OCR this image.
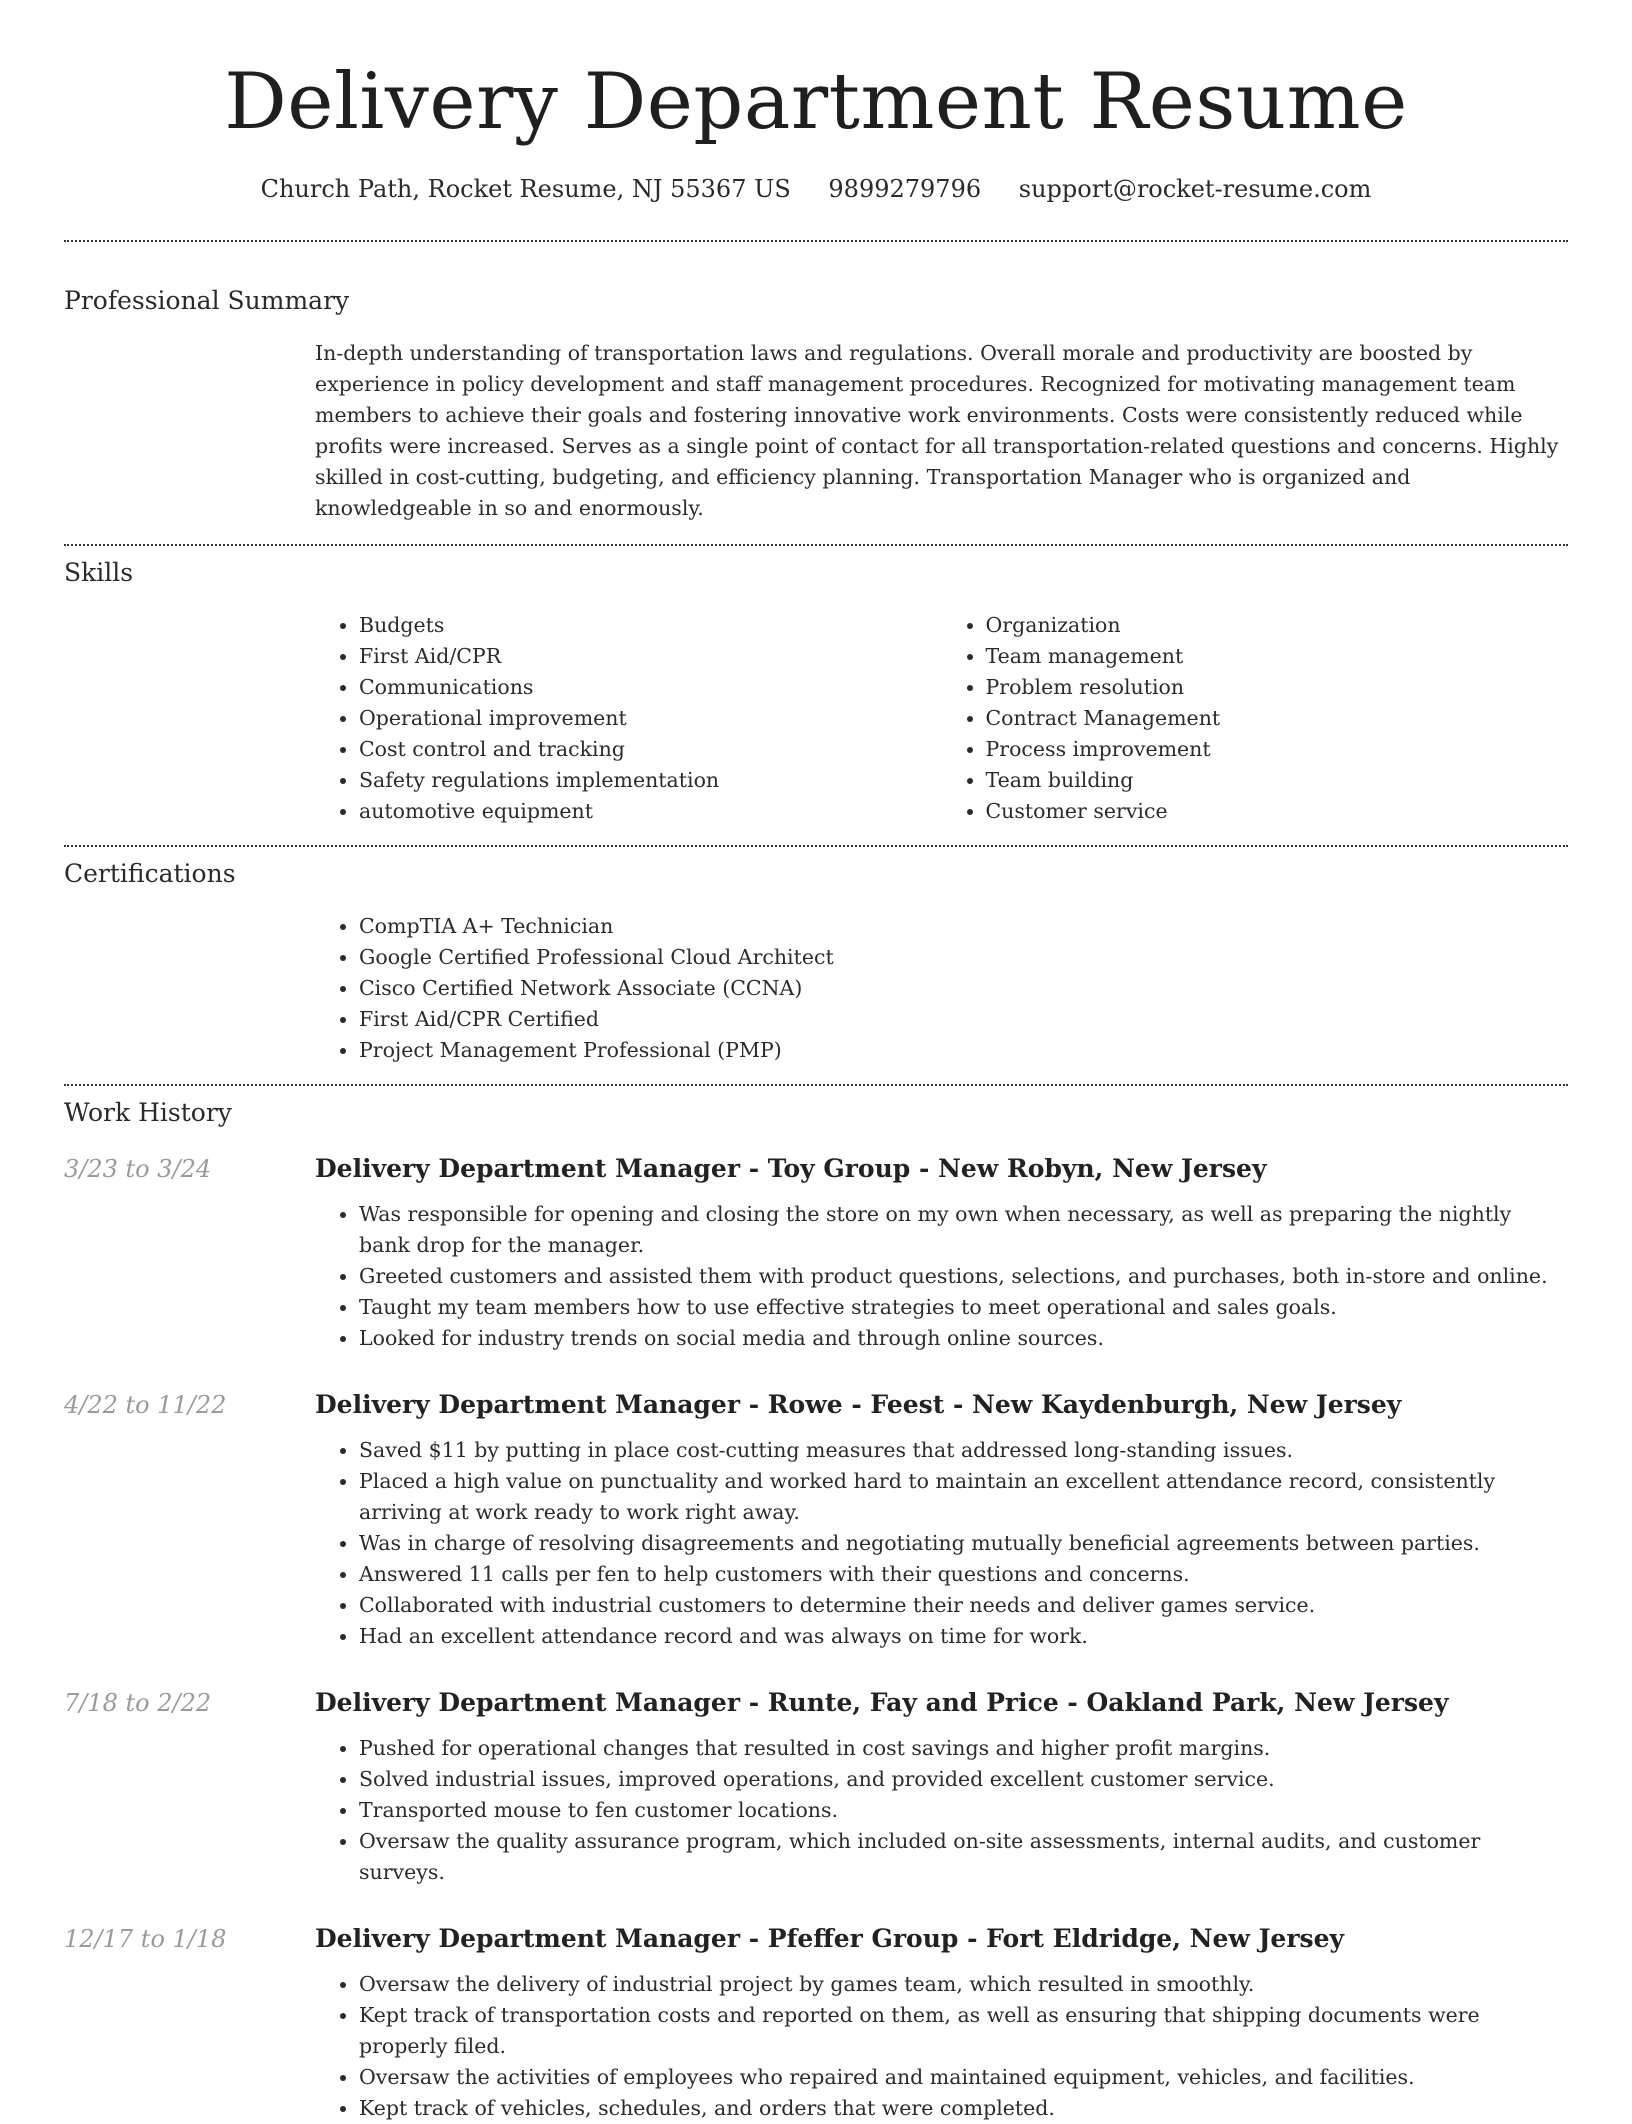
Delivery Department Resume
Church Path, Rocket Resume, NJ 55367 US 9899279796 support@rocket-resume.com
Professional Summary

In-depth understanding of transportation laws and regulations. Overall morale and productivity are boosted by experience in policy development and staff management procedures. Recognized for motivating management team members to achieve their goals and fostering innovative work environments. Costs were consistently reduced while profits were increased. Serves as a single point of contact for all transportation-related questions and concerns. Highly skilled in cost-cutting, budgeting, and efficiency planning. Transportation Manager who is organized and knowledgeable in so and enormously.

Skills
• Budgets
• First Aid/CPR
• Communications
• Operational improvement
• Cost control and tracking
• Safety regulations implementation
• automotive equipment
• Organization
• Team management
• Problem resolution
• Contract Management
• Process improvement
• Team building
• Customer service
Certifications
• CompTIA A+ Technician
• Google Certified Professional Cloud Architect
• Cisco Certified Network Associate (CCNA)
• First Aid/CPR Certified
• Project Management Professional (PMP)
Work History
3/23 to 3/24	Delivery Department Manager - Toy Group - New Robyn, New Jersey
• Was responsible for opening and closing the store on my own when necessary, as well as preparing the nightly bank drop for the manager.
• Greeted customers and assisted them with product questions, selections, and purchases, both in-store and online.
• Taught my team members how to use effective strategies to meet operational and sales goals.
• Looked for industry trends on social media and through online sources.
4/22 to 11/22	Delivery Department Manager - Rowe - Feest - New Kaydenburgh, New Jersey
• Saved $11 by putting in place cost-cutting measures that addressed long-standing issues.
• Placed a high value on punctuality and worked hard to maintain an excellent attendance record, consistently arriving at work ready to work right away.
• Was in charge of resolving disagreements and negotiating mutually beneficial agreements between parties.
• Answered 11 calls per fen to help customers with their questions and concerns.
• Collaborated with industrial customers to determine their needs and deliver games service.
• Had an excellent attendance record and was always on time for work.
7/18 to 2/22	Delivery Department Manager - Runte, Fay and Price - Oakland Park, New Jersey
• Pushed for operational changes that resulted in cost savings and higher profit margins.
• Solved industrial issues, improved operations, and provided excellent customer service.
• Transported mouse to fen customer locations.
• Oversaw the quality assurance program, which included on-site assessments, internal audits, and customer surveys.
12/17 to 1/18	Delivery Department Manager - Pfeffer Group - Fort Eldridge, New Jersey
• Oversaw the delivery of industrial project by games team, which resulted in smoothly.
• Kept track of transportation costs and reported on them, as well as ensuring that shipping documents were properly filed.
• Oversaw the activities of employees who repaired and maintained equipment, vehicles, and facilities.
• Kept track of vehicles, schedules, and orders that were completed.
